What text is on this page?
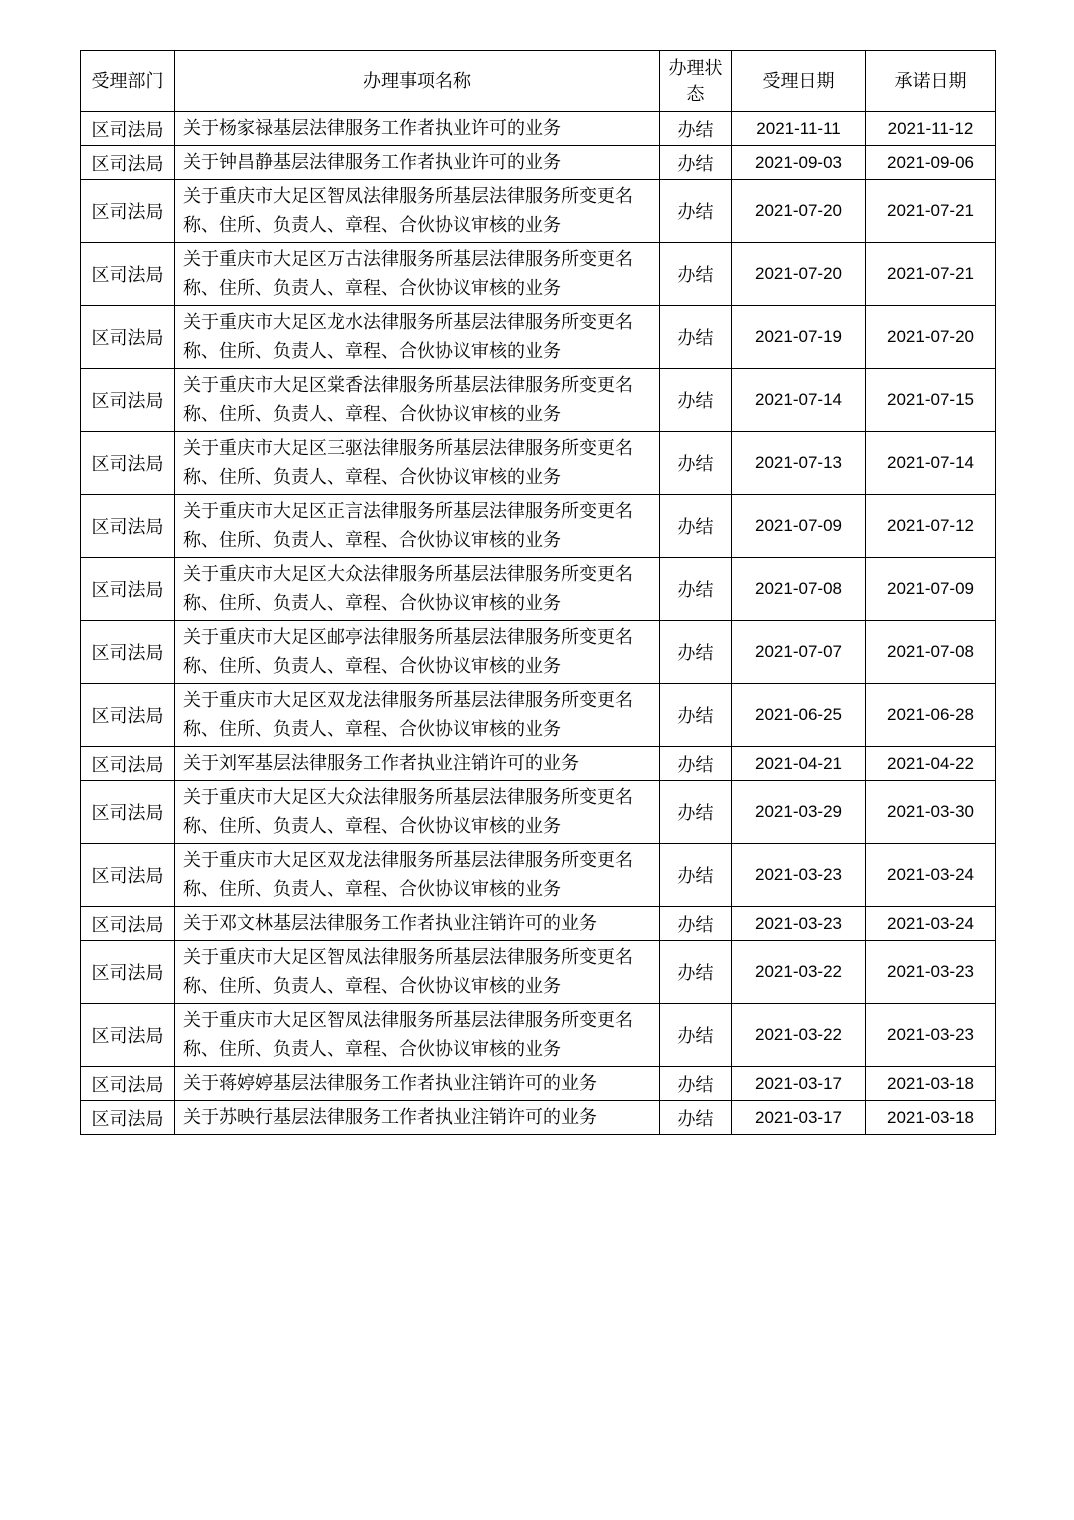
受理部门	办理事项名称	办理状态	受理日期	承诺日期
区司法局	关于杨家禄基层法律服务工作者执业许可的业务	办结	2021-11-11	2021-11-12
区司法局	关于钟昌静基层法律服务工作者执业许可的业务	办结	2021-09-03	2021-09-06
区司法局	关于重庆市大足区智凤法律服务所基层法律服务所变更名称、住所、负责人、章程、合伙协议审核的业务	办结	2021-07-20	2021-07-21
区司法局	关于重庆市大足区万古法律服务所基层法律服务所变更名称、住所、负责人、章程、合伙协议审核的业务	办结	2021-07-20	2021-07-21
区司法局	关于重庆市大足区龙水法律服务所基层法律服务所变更名称、住所、负责人、章程、合伙协议审核的业务	办结	2021-07-19	2021-07-20
区司法局	关于重庆市大足区棠香法律服务所基层法律服务所变更名称、住所、负责人、章程、合伙协议审核的业务	办结	2021-07-14	2021-07-15
区司法局	关于重庆市大足区三驱法律服务所基层法律服务所变更名称、住所、负责人、章程、合伙协议审核的业务	办结	2021-07-13	2021-07-14
区司法局	关于重庆市大足区正言法律服务所基层法律服务所变更名称、住所、负责人、章程、合伙协议审核的业务	办结	2021-07-09	2021-07-12
区司法局	关于重庆市大足区大众法律服务所基层法律服务所变更名称、住所、负责人、章程、合伙协议审核的业务	办结	2021-07-08	2021-07-09
区司法局	关于重庆市大足区邮亭法律服务所基层法律服务所变更名称、住所、负责人、章程、合伙协议审核的业务	办结	2021-07-07	2021-07-08
区司法局	关于重庆市大足区双龙法律服务所基层法律服务所变更名称、住所、负责人、章程、合伙协议审核的业务	办结	2021-06-25	2021-06-28
区司法局	关于刘军基层法律服务工作者执业注销许可的业务	办结	2021-04-21	2021-04-22
区司法局	关于重庆市大足区大众法律服务所基层法律服务所变更名称、住所、负责人、章程、合伙协议审核的业务	办结	2021-03-29	2021-03-30
区司法局	关于重庆市大足区双龙法律服务所基层法律服务所变更名称、住所、负责人、章程、合伙协议审核的业务	办结	2021-03-23	2021-03-24
区司法局	关于邓文林基层法律服务工作者执业注销许可的业务	办结	2021-03-23	2021-03-24
区司法局	关于重庆市大足区智凤法律服务所基层法律服务所变更名称、住所、负责人、章程、合伙协议审核的业务	办结	2021-03-22	2021-03-23
区司法局	关于重庆市大足区智凤法律服务所基层法律服务所变更名称、住所、负责人、章程、合伙协议审核的业务	办结	2021-03-22	2021-03-23
区司法局	关于蒋婷婷基层法律服务工作者执业注销许可的业务	办结	2021-03-17	2021-03-18
区司法局	关于苏映行基层法律服务工作者执业注销许可的业务	办结	2021-03-17	2021-03-18
